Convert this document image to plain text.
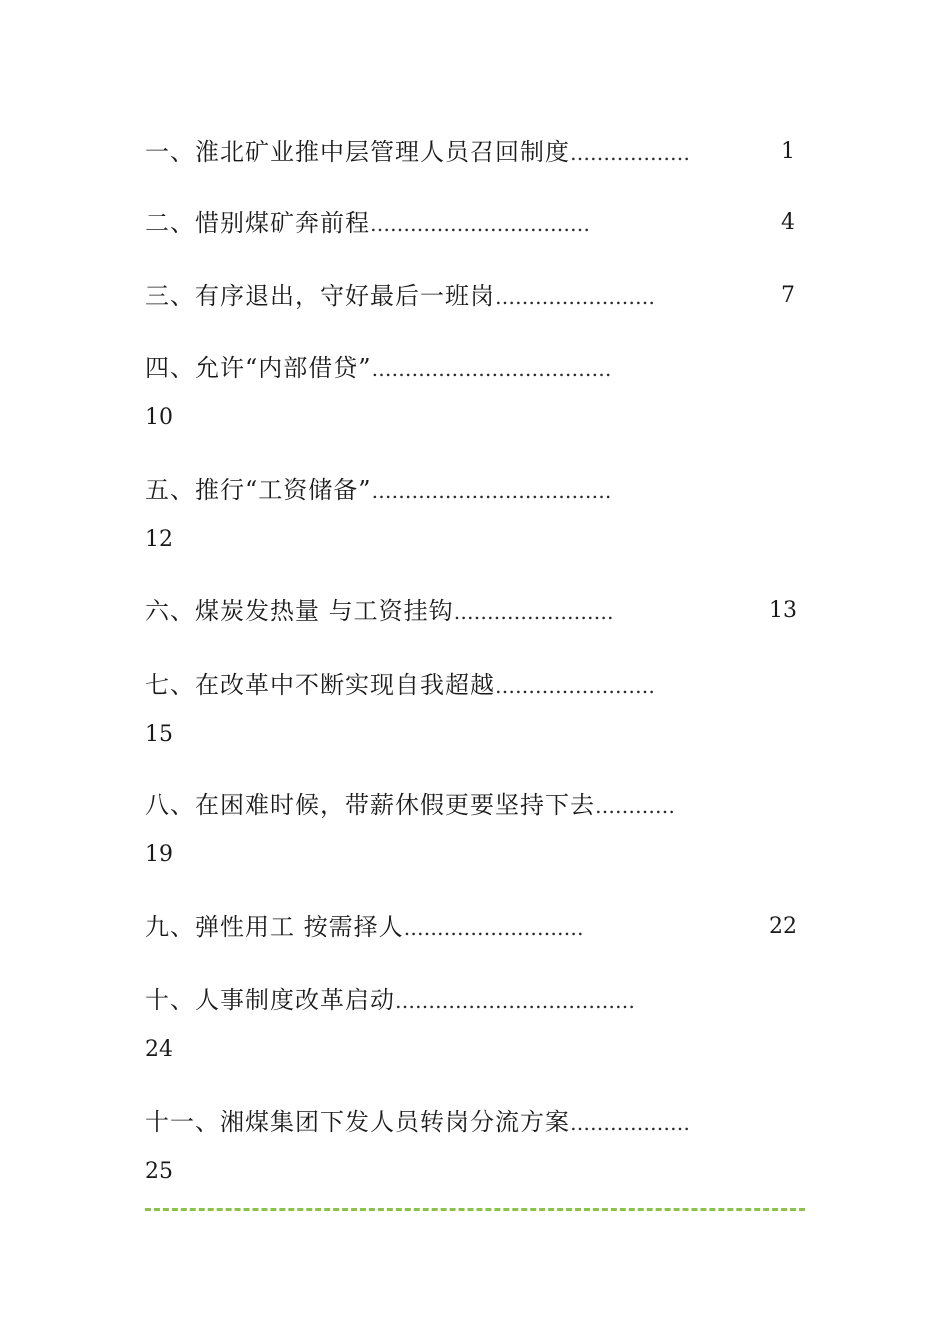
一、淮北矿业推中层管理人员召回制度………………	1
二、惜别煤矿奔前程……………………………	4
三、有序退出，守好最后一班岗……………………	7
四、允许“内部借贷”………………………………
10
五、推行“工资储备”………………………………
12
六、煤炭发热量 与工资挂钩……………………	13
七、在改革中不断实现自我超越……………………
15
八、在困难时候，带薪休假更要坚持下去…………
19
九、弹性用工 按需择人………………………	22
十、人事制度改革启动………………………………
24
十一、湘煤集团下发人员转岗分流方案………………
25
